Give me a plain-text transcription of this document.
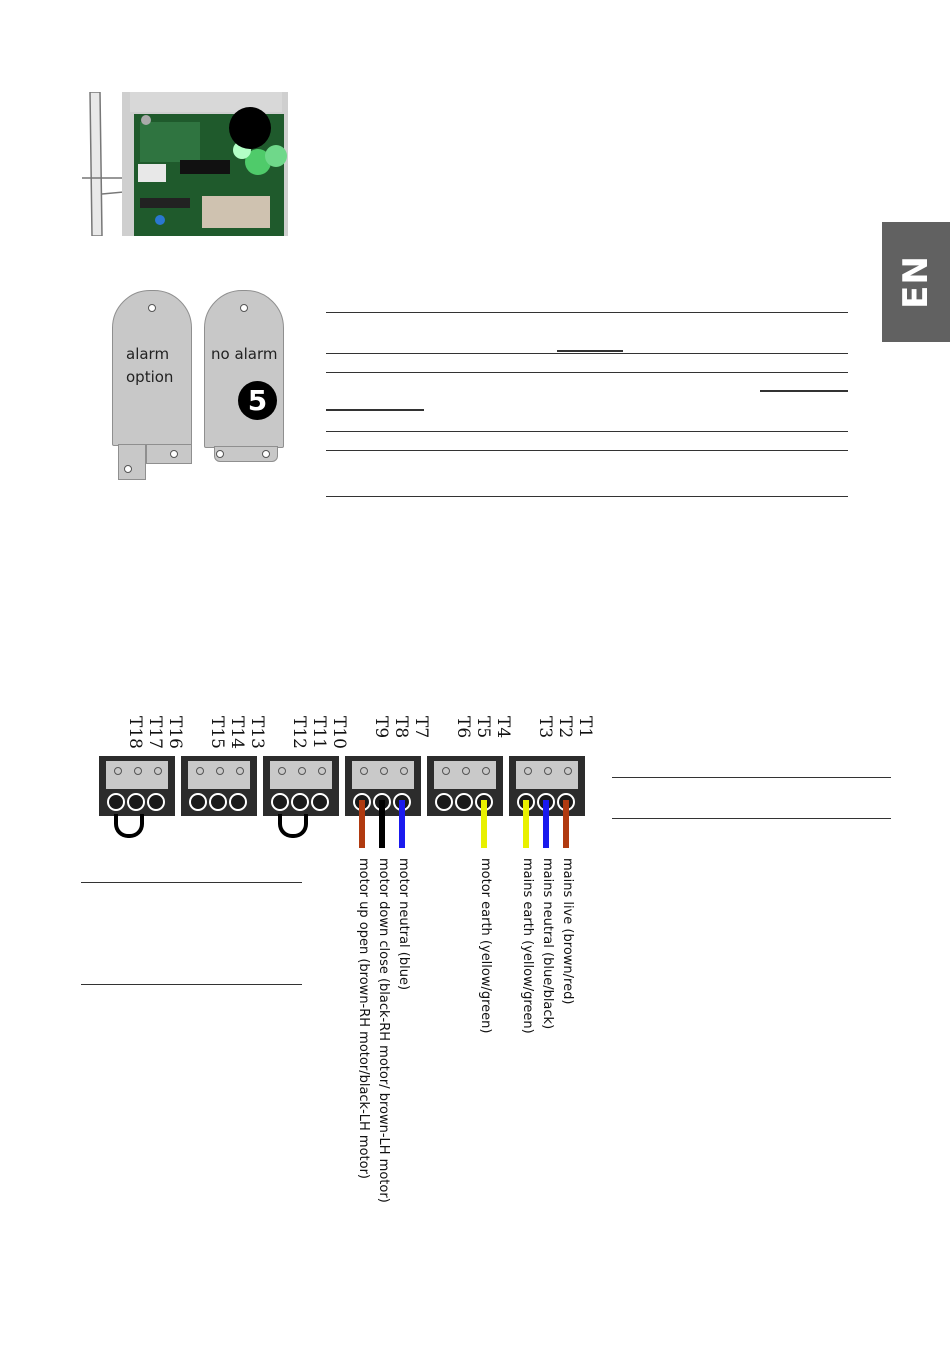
EN
alarm
option
no alarm
5
T18 T17 T16 T15 T14 T13 T12 T11 T10 T9 T8 T7 T6 T5 T4 T3 T2 T1
mains live (brown/red)
mains neutral (blue/black)
mains earth (yellow/green)
motor earth (yellow/green)
motor neutral (blue)
motor down close (black-RH motor/ brown-LH motor)
motor up open (brown-RH motor/black-LH motor)
